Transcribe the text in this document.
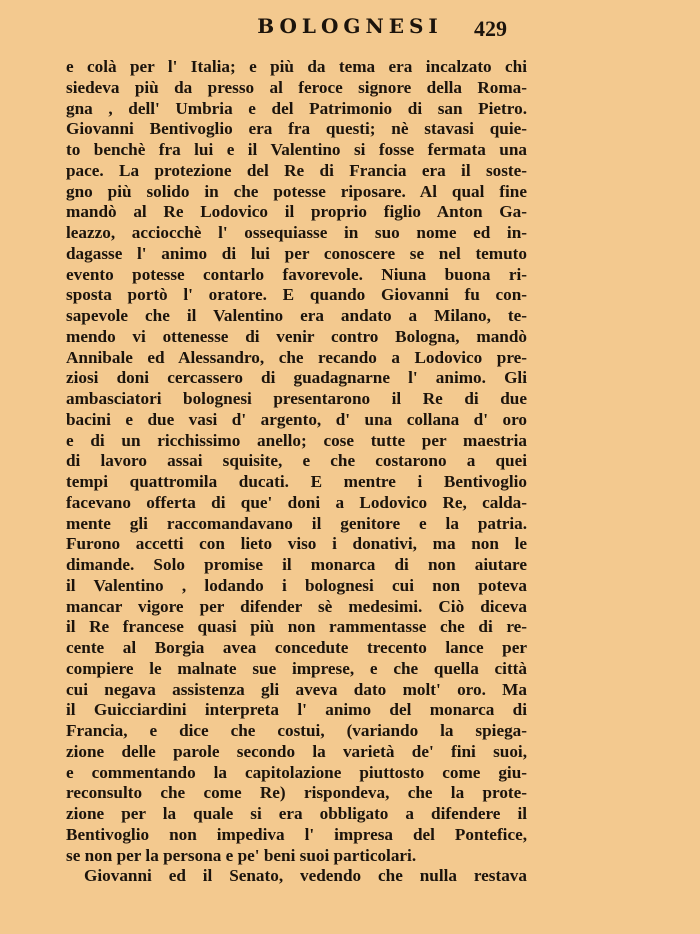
BOLOGNESI	429
e colà per l' Italia; e più da tema era incalzato chi
siedeva più da presso al feroce signore della Roma-
gna , dell' Umbria e del Patrimonio di san Pietro.
Giovanni Bentivoglio era fra questi; nè stavasi quie-
to benchè fra lui e il Valentino si fosse fermata una
pace. La protezione del Re di Francia era il soste-
gno più solido in che potesse riposare. Al qual fine
mandò al Re Lodovico il proprio figlio Anton Ga-
leazzo, acciocchè l' ossequiasse in suo nome ed in-
dagasse l' animo di lui per conoscere se nel temuto
evento potesse contarlo favorevole. Niuna buona ri-
sposta portò l' oratore. E quando Giovanni fu con-
sapevole che il Valentino era andato a Milano, te-
mendo vi ottenesse di venir contro Bologna, mandò
Annibale ed Alessandro, che recando a Lodovico pre-
ziosi doni cercassero di guadagnarne l' animo. Gli
ambasciatori bolognesi presentarono il Re di due
bacini e due vasi d' argento, d' una collana d' oro
e di un ricchissimo anello; cose tutte per maestria
di lavoro assai squisite, e che costarono a quei
tempi quattromila ducati. E mentre i Bentivoglio
facevano offerta di que' doni a Lodovico Re, calda-
mente gli raccomandavano il genitore e la patria.
Furono accetti con lieto viso i donativi, ma non le
dimande. Solo promise il monarca di non aiutare
il Valentino , lodando i bolognesi cui non poteva
mancar vigore per difender sè medesimi. Ciò diceva
il Re francese quasi più non rammentasse che di re-
cente al Borgia avea concedute trecento lance per
compiere le malnate sue imprese, e che quella città
cui negava assistenza gli aveva dato molt' oro. Ma
il Guicciardini interpreta l' animo del monarca di
Francia, e dice che costui, (variando la spiega-
zione delle parole secondo la varietà de' fini suoi,
e commentando la capitolazione piuttosto come giu-
reconsulto che come Re) rispondeva, che la prote-
zione per la quale si era obbligato a difendere il
Bentivoglio non impediva l' impresa del Pontefice,
se non per la persona e pe' beni suoi particolari.
Giovanni ed il Senato, vedendo che nulla restava
